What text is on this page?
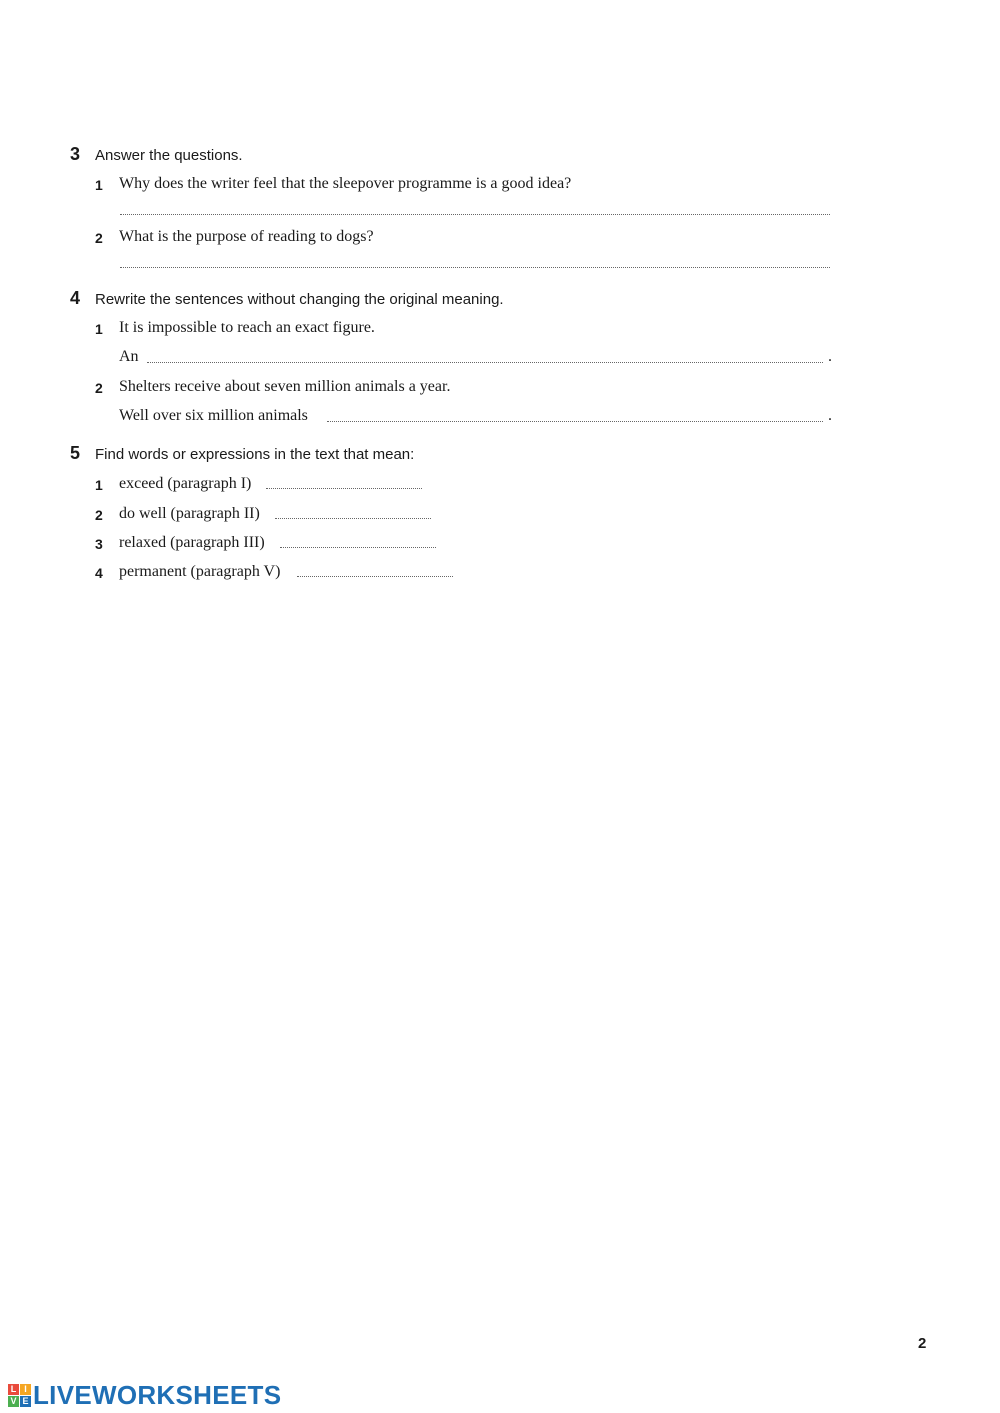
3 Answer the questions.
1 Why does the writer feel that the sleepover programme is a good idea?
2 What is the purpose of reading to dogs?
4 Rewrite the sentences without changing the original meaning.
1 It is impossible to reach an exact figure.
An	.
2 Shelters receive about seven million animals a year.
Well over six million animals	.
5 Find words or expressions in the text that mean:
1 exceed (paragraph I)
2 do well (paragraph II)
3 relaxed (paragraph III)
4 permanent (paragraph V)
2
L I
V E LIVEWORKSHEETS
